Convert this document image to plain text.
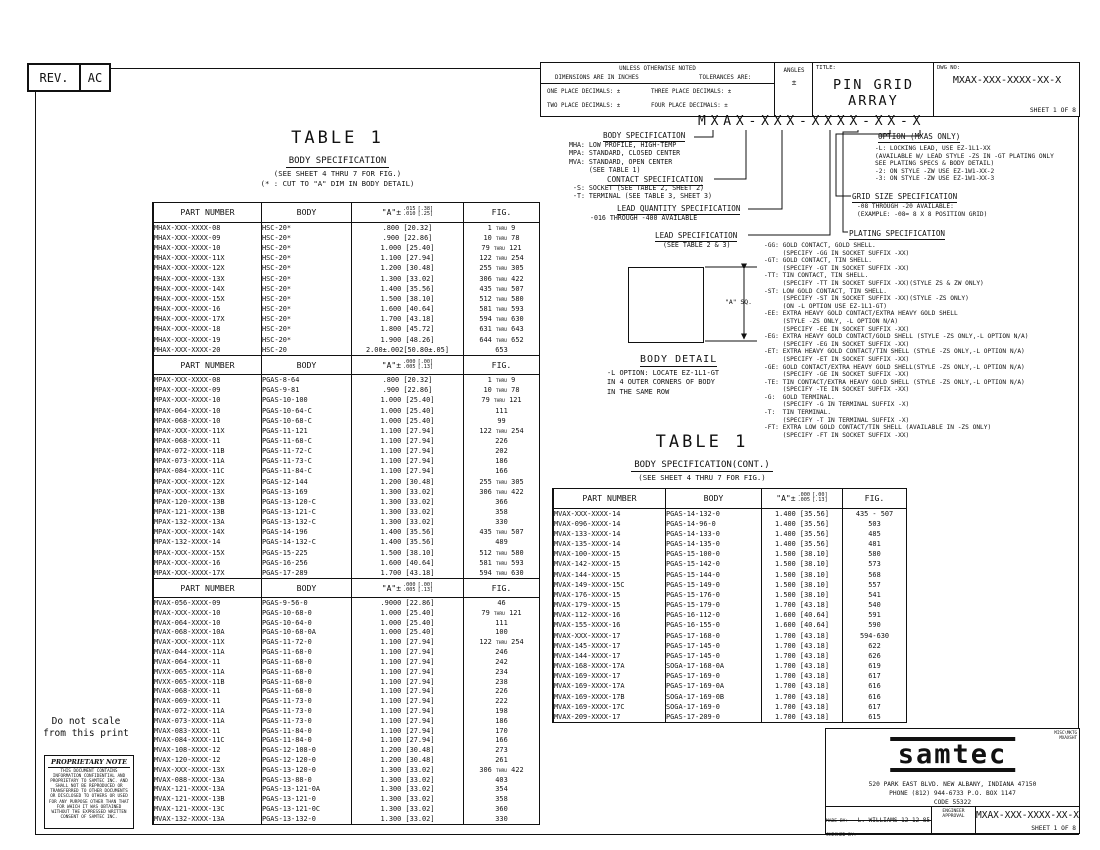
REV. AC
UNLESS OTHERWISE NOTED
DIMENSIONS ARE IN INCHES	TOLERANCES ARE:
ONE PLACE DECIMALS: ±	THREE PLACE DECIMALS: ±
TWO PLACE DECIMALS: ±	FOUR PLACE DECIMALS: ±
ANGLES
±
TITLE:
PIN GRID ARRAY
DWG NO:
MXAX-XXX-XXXX-XX-X
SHEET 1 OF 8
TABLE 1
BODY SPECIFICATION
(SEE SHEET 4 THRU 7 FOR FIG.)
(* : CUT TO "A" DIM IN BODY DETAIL)
PART NUMBER	BODY	"A"± .015
.010
[.38]
[.25]	FIG.
MHAX-XXX-XXXX-08	HSC-20*	.800 [20.32]	1 THRU 9
MHAX-XXX-XXXX-09	HSC-20*	.900 [22.86]	10 THRU 78
MHAX-XXX-XXXX-10	HSC-20*	1.000 [25.40]	79 THRU 121
MHAX-XXX-XXXX-11X	HSC-20*	1.100 [27.94]	122 THRU 254
MHAX-XXX-XXXX-12X	HSC-20*	1.200 [30.48]	255 THRU 305
MHAX-XXX-XXXX-13X	HSC-20*	1.300 [33.02]	306 THRU 422
MHAX-XXX-XXXX-14X	HSC-20*	1.400 [35.56]	435 THRU 507
MHAX-XXX-XXXX-15X	HSC-20*	1.500 [38.10]	512 THRU 580
MHAX-XXX-XXXX-16	HSC-20*	1.600 [40.64]	581 THRU 593
MHAX-XXX-XXXX-17X	HSC-20*	1.700 [43.18]	594 THRU 630
MHAX-XXX-XXXX-18	HSC-20*	1.800 [45.72]	631 THRU 643
MHAX-XXX-XXXX-19	HSC-20*	1.900 [48.26]	644 THRU 652
MHAX-XXX-XXXX-20	HSC-20	2.00±.002[50.80±.05]	653
PART NUMBER	BODY	"A"± .000
.005
[.00]
[.13]	FIG.
MPAX-XXX-XXXX-08	PGAS-8-64	.800 [20.32]	1 THRU 9
MPAX-XXX-XXXX-09	PGAS-9-81	.900 [22.86]	10 THRU 78
MPAX-XXX-XXXX-10	PGAS-10-100	1.000 [25.40]	79 THRU 121
MPAX-064-XXXX-10	PGAS-10-64-C	1.000 [25.40]	111
MPAX-068-XXXX-10	PGAS-10-68-C	1.000 [25.40]	99
MPAX-XXX-XXXX-11X	PGAS-11-121	1.100 [27.94]	122 THRU 254
MPAX-068-XXXX-11	PGAS-11-68-C	1.100 [27.94]	226
MPAX-072-XXXX-11B	PGAS-11-72-C	1.100 [27.94]	202
MPAX-073-XXXX-11A	PGAS-11-73-C	1.100 [27.94]	186
MPAX-084-XXXX-11C	PGAS-11-84-C	1.100 [27.94]	166
MPAX-XXX-XXXX-12X	PGAS-12-144	1.200 [30.48]	255 THRU 305
MPAX-XXX-XXXX-13X	PGAS-13-169	1.300 [33.02]	306 THRU 422
MPAX-120-XXXX-13B	PGAS-13-120-C	1.300 [33.02]	366
MPAX-121-XXXX-13B	PGAS-13-121-C	1.300 [33.02]	358
MPAX-132-XXXX-13A	PGAS-13-132-C	1.300 [33.02]	330
MPAX-XXX-XXXX-14X	PGAS-14-196	1.400 [35.56]	435 THRU 507
MPAX-132-XXXX-14	PGAS-14-132-C	1.400 [35.56]	489
MPAX-XXX-XXXX-15X	PGAS-15-225	1.500 [38.10]	512 THRU 580
MPAX-XXX-XXXX-16	PGAS-16-256	1.600 [40.64]	581 THRU 593
MPAX-XXX-XXXX-17X	PGAS-17-289	1.700 [43.18]	594 THRU 630
PART NUMBER	BODY	"A"± .000
.005
[.00]
[.13]	FIG.
MVAX-056-XXXX-09	PGAS-9-56-0	.9000 [22.86]	46
MVAX-XXX-XXXX-10	PGAS-10-68-0	1.000 [25.40]	79 THRU 121
MVAX-064-XXXX-10	PGAS-10-64-0	1.000 [25.40]	111
MVAX-068-XXXX-10A	PGAS-10-68-0A	1.000 [25.40]	100
MVAX-XXX-XXXX-11X	PGAS-11-72-0	1.100 [27.94]	122 THRU 254
MVAX-044-XXXX-11A	PGAS-11-68-0	1.100 [27.94]	246
MVAX-064-XXXX-11	PGAS-11-68-0	1.100 [27.94]	242
MVXX-065-XXXX-11A	PGAS-11-68-0	1.100 [27.94]	234
MVXX-065-XXXX-11B	PGAS-11-68-0	1.100 [27.94]	238
MVAX-068-XXXX-11	PGAS-11-68-0	1.100 [27.94]	226
MVAX-069-XXXX-11	PGAS-11-73-0	1.100 [27.94]	222
MVAX-072-XXXX-11A	PGAS-11-73-0	1.100 [27.94]	198
MVAX-073-XXXX-11A	PGAS-11-73-0	1.100 [27.94]	186
MVAX-083-XXXX-11	PGAS-11-84-0	1.100 [27.94]	170
MVAX-084-XXXX-11C	PGAS-11-84-0	1.100 [27.94]	166
MVAX-108-XXXX-12	PGAS-12-108-0	1.200 [30.48]	273
MVAX-120-XXXX-12	PGAS-12-120-0	1.200 [30.48]	261
MVAX-XXX-XXXX-13X	PGAS-13-120-0	1.300 [33.02]	306 THRU 422
MVAX-088-XXXX-13A	PGAS-13-88-0	1.300 [33.02]	403
MVAX-121-XXXX-13A	PGAS-13-121-0A	1.300 [33.02]	354
MVAX-121-XXXX-13B	PGAS-13-121-0	1.300 [33.02]	358
MVAX-121-XXXX-13C	PGAS-13-121-0C	1.300 [33.02]	360
MVAX-132-XXXX-13A	PGAS-13-132-0	1.300 [33.02]	330
MXAX-XXX-XXXX-XX-X
BODY SPECIFICATION
MHA: LOW PROFILE, HIGH-TEMP
MPA: STANDARD, CLOSED CENTER
MVA: STANDARD, OPEN CENTER
(SEE TABLE 1)
CONTACT SPECIFICATION
-S: SOCKET (SEE TABLE 2, SHEET 2)
-T: TERMINAL (SEE TABLE 3, SHEET 3)
LEAD QUANTITY SPECIFICATION
-016 THROUGH -400 AVAILABLE
LEAD SPECIFICATION
(SEE TABLE 2 & 3)
OPTION (MXAS ONLY)
-L: LOCKING LEAD, USE EZ-1L1-XX
(AVAILABLE W/ LEAD STYLE -ZS IN -GT PLATING ONLY
SEE PLATING SPECS & BODY DETAIL)
-2: ON STYLE -ZW USE EZ-1W1-XX-2
-3: ON STYLE -ZW USE EZ-1W1-XX-3
GRID SIZE SPECIFICATION
-08 THROUGH -20 AVAILABLE:
(EXAMPLE: -08= 8 X 8 POSITION GRID)
PLATING SPECIFICATION
-GG: GOLD CONTACT, GOLD SHELL.
(SPECIFY -GG IN SOCKET SUFFIX -XX)
-GT: GOLD CONTACT, TIN SHELL.
(SPECIFY -GT IN SOCKET SUFFIX -XX)
-TT: TIN CONTACT, TIN SHELL.
(SPECIFY -TT IN SOCKET SUFFIX -XX)(STYLE ZS & ZW ONLY)
-ST: LOW GOLD CONTACT, TIN SHELL.
(SPECIFY -ST IN SOCKET SUFFIX -XX)(STYLE -ZS ONLY)
(ON -L OPTION USE EZ-1L1-GT)
-EE: EXTRA HEAVY GOLD CONTACT/EXTRA HEAVY GOLD SHELL
(STYLE -ZS ONLY, -L OPTION N/A)
(SPECIFY -EE IN SOCKET SUFFIX -XX)
-EG: EXTRA HEAVY GOLD CONTACT/GOLD SHELL (STYLE -ZS ONLY,-L OPTION N/A)
(SPECIFY -EG IN SOCKET SUFFIX -XX)
-ET: EXTRA HEAVY GOLD CONTACT/TIN SHELL (STYLE -ZS ONLY,-L OPTION N/A)
(SPECIFY -ET IN SOCKET SUFFIX -XX)
-GE: GOLD CONTACT/EXTRA HEAVY GOLD SHELL(STYLE -ZS ONLY,-L OPTION N/A)
(SPECIFY -GE IN SOCKET SUFFIX -XX)
-TE: TIN CONTACT/EXTRA HEAVY GOLD SHELL (STYLE -ZS ONLY,-L OPTION N/A)
(SPECIFY -TE IN SOCKET SUFFIX -XX)
-G:  GOLD TERMINAL.
(SPECIFY -G IN TERMINAL SUFFIX -X)
-T:  TIN TERMINAL.
(SPECIFY -T IN TERMINAL SUFFIX -X)
-FT: EXTRA LOW GOLD CONTACT/TIN SHELL (AVAILABLE IN -ZS ONLY)
(SPECIFY -FT IN SOCKET SUFFIX -XX)
"A" SQ.
BODY DETAIL
-L OPTION: LOCATE EZ-1L1-GT
IN 4 OUTER CORNERS OF BODY
IN THE SAME ROW
TABLE 1
BODY SPECIFICATION(CONT.)
(SEE SHEET 4 THRU 7 FOR FIG.)
PART NUMBER	BODY	"A"± .000
.005
[.00]
[.13]	FIG.
MVAX-XXX-XXXX-14	PGAS-14-132-0	1.400 [35.56]	435 - 507
MVAX-096-XXXX-14	PGAS-14-96-0	1.400 [35.56]	503
MVAX-133-XXXX-14	PGAS-14-133-0	1.400 [35.56]	485
MVAX-135-XXXX-14	PGAS-14-135-0	1.400 [35.56]	481
MVAX-100-XXXX-15	PGAS-15-100-0	1.500 [38.10]	580
MVAX-142-XXXX-15	PGAS-15-142-0	1.500 [38.10]	573
MVAX-144-XXXX-15	PGAS-15-144-0	1.500 [38.10]	568
MVAX-149-XXXX-15C	PGAS-15-149-0	1.500 [38.10]	557
MVAX-176-XXXX-15	PGAS-15-176-0	1.500 [38.10]	541
MVAX-179-XXXX-15	PGAS-15-179-0	1.700 [43.18]	540
MVAX-112-XXXX-16	PGAS-16-112-0	1.600 [40.64]	591
MVAX-155-XXXX-16	PGAS-16-155-0	1.600 [40.64]	590
MVAX-XXX-XXXX-17	PGAS-17-168-0	1.700 [43.18]	594-630
MVAX-145-XXXX-17	PGAS-17-145-0	1.700 [43.18]	622
MVAX-144-XXXX-17	PGAS-17-145-0	1.700 [43.18]	626
MVAX-168-XXXX-17A	SOGA-17-168-0A	1.700 [43.18]	619
MVAX-169-XXXX-17	PGAS-17-169-0	1.700 [43.18]	617
MVAX-169-XXXX-17A	PGAS-17-169-0A	1.700 [43.18]	616
MVAX-169-XXXX-17B	SOGA-17-169-0B	1.700 [43.18]	616
MVAX-169-XXXX-17C	SOGA-17-169-0	1.700 [43.18]	617
MVAX-209-XXXX-17	PGAS-17-209-0	1.700 [43.18]	615
Do not scale
from this print
PROPRIETARY NOTE
THIS DOCUMENT CONTAINS INFORMATION CONFIDENTIAL AND PROPRIETARY TO SAMTEC INC. AND SHALL NOT BE REPRODUCED OR TRANSFERRED TO OTHER DOCUMENTS OR DISCLOSED TO OTHERS OR USED FOR ANY PURPOSE OTHER THAN THAT FOR WHICH IT WAS OBTAINED WITHOUT THE EXPRESSED WRITTEN CONSENT OF SAMTEC INC.
MISC\MKTG
MXAXSHT
samtec
520 PARK EAST BLVD. NEW ALBANY, INDIANA 47150
PHONE (812) 944-6733 P.O. BOX 1147
CODE 55322
MADE BY: L. WILLIAMS 12-12-85
CHECKED BY:
ENGINEER
APPROVAL	MXAX-XXX-XXXX-XX-X
SHEET 1 OF 8
